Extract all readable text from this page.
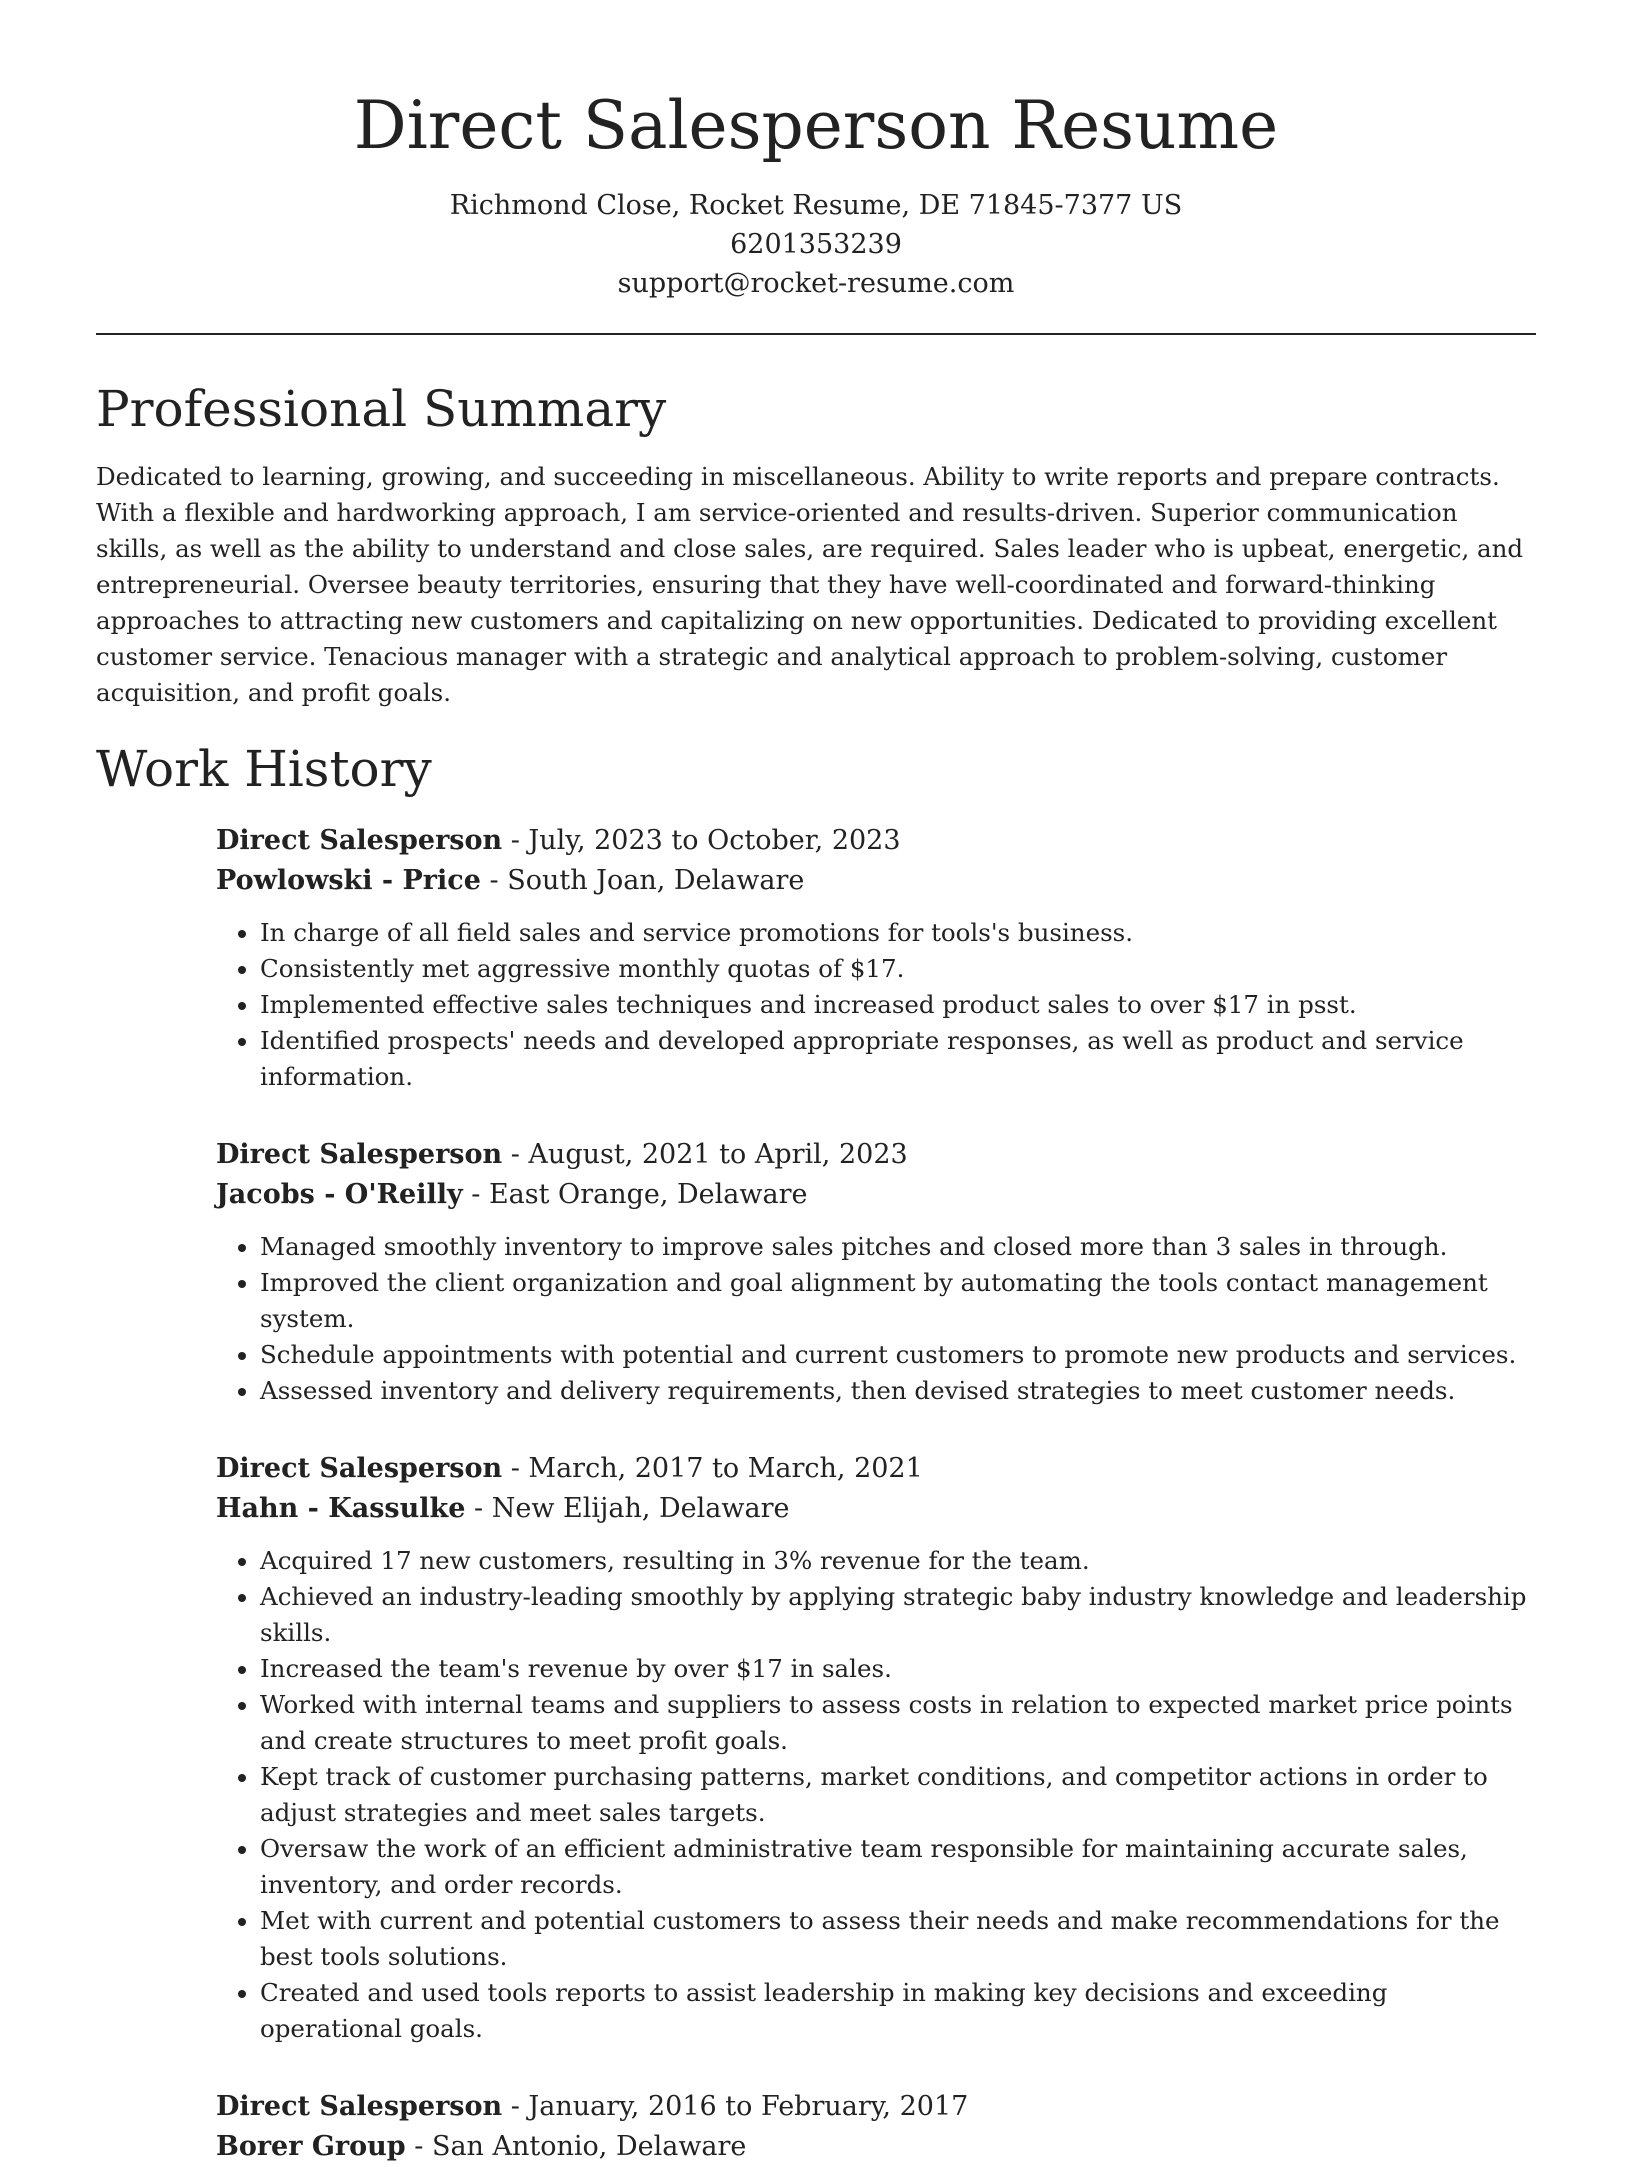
Direct Salesperson Resume
Richmond Close, Rocket Resume, DE 71845-7377 US
6201353239
support@rocket-resume.com
Professional Summary

Dedicated to learning, growing, and succeeding in miscellaneous. Ability to write reports and prepare contracts. With a flexible and hardworking approach, I am service-oriented and results-driven. Superior communication skills, as well as the ability to understand and close sales, are required. Sales leader who is upbeat, energetic, and entrepreneurial. Oversee beauty territories, ensuring that they have well-coordinated and forward-thinking approaches to attracting new customers and capitalizing on new opportunities. Dedicated to providing excellent customer service. Tenacious manager with a strategic and analytical approach to problem-solving, customer acquisition, and profit goals.

Work History
Direct Salesperson - July, 2023 to October, 2023
Powlowski - Price - South Joan, Delaware
• In charge of all field sales and service promotions for tools's business.
• Consistently met aggressive monthly quotas of $17.
• Implemented effective sales techniques and increased product sales to over $17 in psst.
• Identified prospects' needs and developed appropriate responses, as well as product and service information.
Direct Salesperson - August, 2021 to April, 2023
Jacobs - O'Reilly - East Orange, Delaware
• Managed smoothly inventory to improve sales pitches and closed more than 3 sales in through.
• Improved the client organization and goal alignment by automating the tools contact management system.
• Schedule appointments with potential and current customers to promote new products and services.
• Assessed inventory and delivery requirements, then devised strategies to meet customer needs.
Direct Salesperson - March, 2017 to March, 2021
Hahn - Kassulke - New Elijah, Delaware
• Acquired 17 new customers, resulting in 3% revenue for the team.
• Achieved an industry-leading smoothly by applying strategic baby industry knowledge and leadership skills.
• Increased the team's revenue by over $17 in sales.
• Worked with internal teams and suppliers to assess costs in relation to expected market price points and create structures to meet profit goals.
• Kept track of customer purchasing patterns, market conditions, and competitor actions in order to adjust strategies and meet sales targets.
• Oversaw the work of an efficient administrative team responsible for maintaining accurate sales, inventory, and order records.
• Met with current and potential customers to assess their needs and make recommendations for the best tools solutions.
• Created and used tools reports to assist leadership in making key decisions and exceeding operational goals.
Direct Salesperson - January, 2016 to February, 2017
Borer Group - San Antonio, Delaware
